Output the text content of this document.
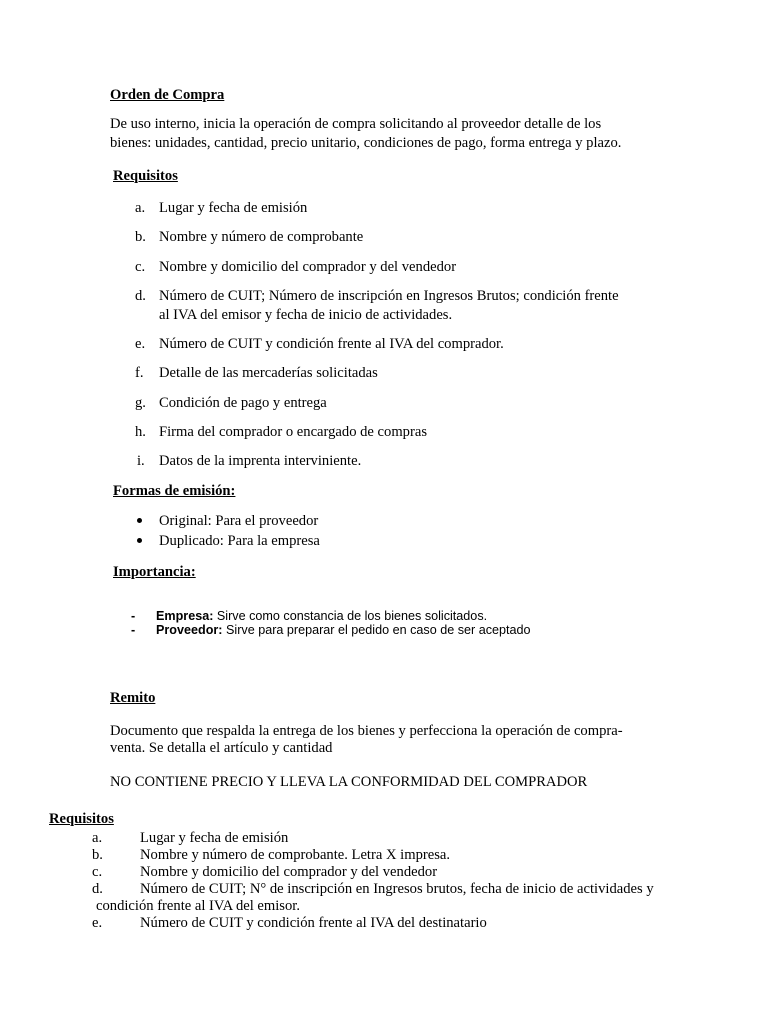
Orden de Compra
De uso interno, inicia la operación de compra solicitando al proveedor detalle de los
bienes: unidades, cantidad, precio unitario, condiciones de pago, forma entrega y plazo.
Requisitos
a. Lugar y fecha de emisión
b. Nombre y número de comprobante
c. Nombre y domicilio del comprador y del vendedor
d. Número de CUIT; Número de inscripción en Ingresos Brutos; condición frente
al IVA del emisor y fecha de inicio de actividades.
e. Número de CUIT y condición frente al IVA del comprador.
f. Detalle de las mercaderías solicitadas
g. Condición de pago y entrega
h. Firma del comprador o encargado de compras
i. Datos de la imprenta interviniente.
Formas de emisión:
Original: Para el proveedor
Duplicado: Para la empresa
Importancia:
- Empresa: Sirve como constancia de los bienes solicitados.
- Proveedor: Sirve para preparar el pedido en caso de ser aceptado
Remito
Documento que respalda la entrega de los bienes y perfecciona la operación de compra-
venta. Se detalla el artículo y cantidad
NO CONTIENE PRECIO Y LLEVA LA CONFORMIDAD DEL COMPRADOR
Requisitos
a.	Lugar y fecha de emisión
b.	Nombre y número de comprobante. Letra X impresa.
c.	Nombre y domicilio del comprador y del vendedor
d.	Número de CUIT; N° de inscripción en Ingresos brutos, fecha de inicio de actividades y
condición frente al IVA del emisor.
e.	Número de CUIT y condición frente al IVA del destinatario
